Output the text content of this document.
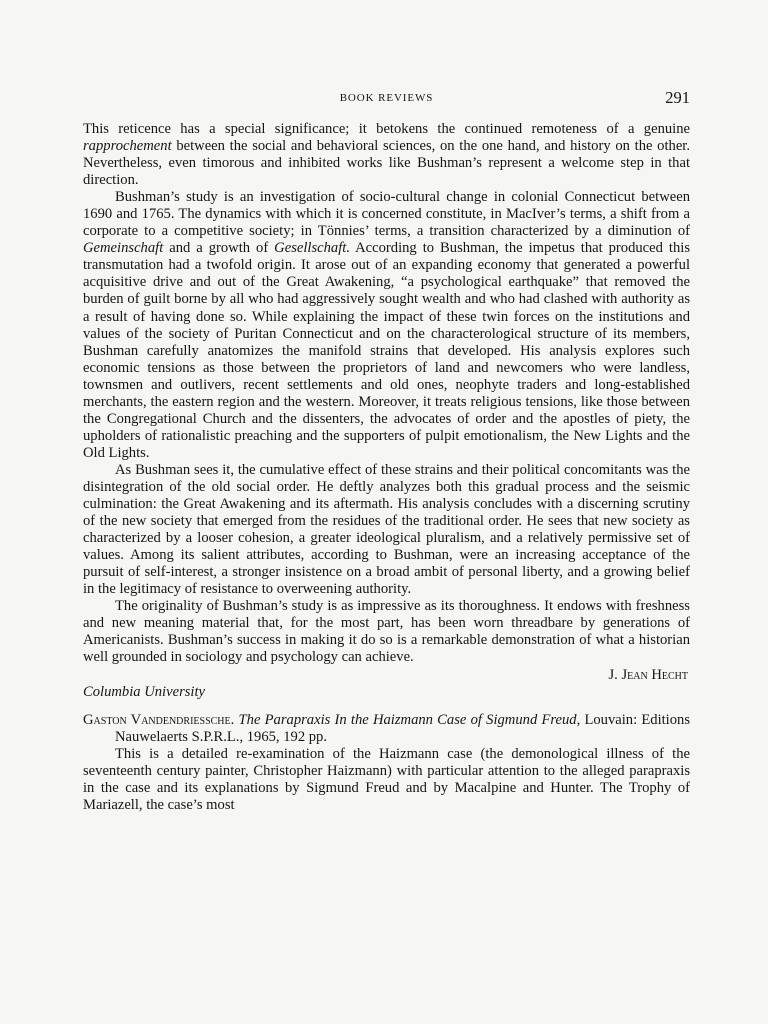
BOOK REVIEWS	291

This reticence has a special significance; it betokens the continued remoteness of a genuine rapprochement between the social and behavioral sciences, on the one hand, and history on the other. Nevertheless, even timorous and inhibited works like Bushman’s represent a welcome step in that direction.

Bushman’s study is an investigation of socio-cultural change in colonial Connecticut between 1690 and 1765. The dynamics with which it is concerned constitute, in MacIver’s terms, a shift from a corporate to a competitive society; in Tönnies’ terms, a transition characterized by a diminution of Gemeinschaft and a growth of Gesellschaft. According to Bushman, the impetus that produced this transmutation had a twofold origin. It arose out of an expanding economy that generated a powerful acquisitive drive and out of the Great Awakening, “a psychological earthquake” that removed the burden of guilt borne by all who had aggressively sought wealth and who had clashed with authority as a result of having done so. While explaining the impact of these twin forces on the institutions and values of the society of Puritan Connecticut and on the characterological structure of its members, Bushman carefully anatomizes the manifold strains that developed. His analysis explores such economic tensions as those between the proprietors of land and newcomers who were landless, townsmen and outlivers, recent settlements and old ones, neophyte traders and long-established merchants, the eastern region and the western. Moreover, it treats religious tensions, like those between the Congregational Church and the dissenters, the advocates of order and the apostles of piety, the upholders of rationalistic preaching and the supporters of pulpit emotionalism, the New Lights and the Old Lights.

As Bushman sees it, the cumulative effect of these strains and their political concomitants was the disintegration of the old social order. He deftly analyzes both this gradual process and the seismic culmination: the Great Awakening and its aftermath. His analysis concludes with a discerning scrutiny of the new society that emerged from the residues of the traditional order. He sees that new society as characterized by a looser cohesion, a greater ideological pluralism, and a relatively permissive set of values. Among its salient attributes, according to Bushman, were an increasing acceptance of the pursuit of self-interest, a stronger insistence on a broad ambit of personal liberty, and a growing belief in the legitimacy of resistance to overweening authority.

The originality of Bushman’s study is as impressive as its thoroughness. It endows with freshness and new meaning material that, for the most part, has been worn threadbare by generations of Americanists. Bushman’s success in making it do so is a remarkable demonstration of what a historian well grounded in sociology and psychology can achieve.

J. Jean Hecht

Columbia University

Gaston Vandendriessche. The Parapraxis In the Haizmann Case of Sigmund Freud, Louvain: Editions Nauwelaerts S.P.R.L., 1965, 192 pp.

This is a detailed re-examination of the Haizmann case (the demonological illness of the seventeenth century painter, Christopher Haizmann) with particular attention to the alleged parapraxis in the case and its explanations by Sigmund Freud and by Macalpine and Hunter. The Trophy of Mariazell, the case’s most
